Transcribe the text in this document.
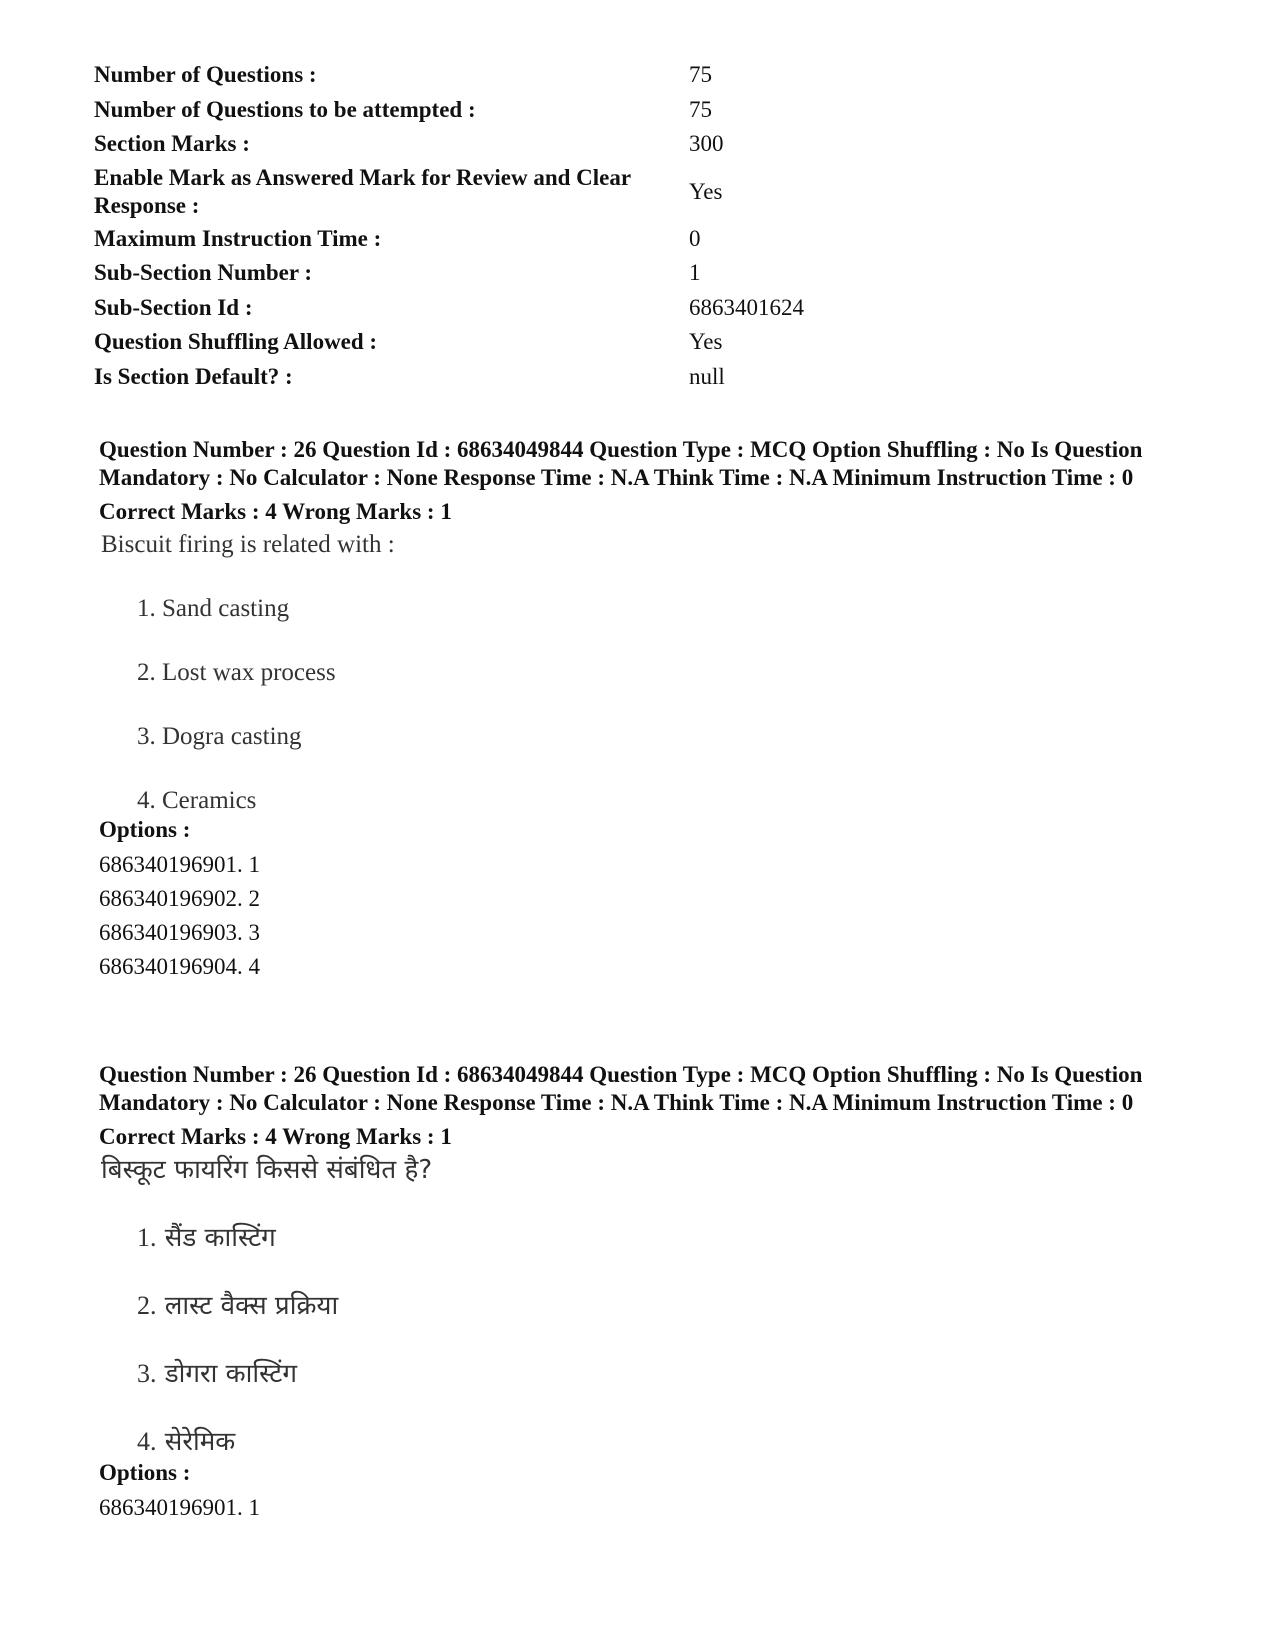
Number of Questions :	75
Number of Questions to be attempted :	75
Section Marks :	300
Enable Mark as Answered Mark for Review and Clear Response :	Yes
Maximum Instruction Time :	0
Sub-Section Number :	1
Sub-Section Id :	6863401624
Question Shuffling Allowed :	Yes
Is Section Default? :	null

Question Number : 26 Question Id : 68634049844 Question Type : MCQ Option Shuffling : No Is Question Mandatory : No Calculator : None Response Time : N.A Think Time : N.A Minimum Instruction Time : 0

Correct Marks : 4 Wrong Marks : 1
Biscuit firing is related with :
1. Sand casting
2. Lost wax process
3. Dogra casting
4. Ceramics
Options :
686340196901. 1
686340196902. 2
686340196903. 3
686340196904. 4

Question Number : 26 Question Id : 68634049844 Question Type : MCQ Option Shuffling : No Is Question Mandatory : No Calculator : None Response Time : N.A Think Time : N.A Minimum Instruction Time : 0

Correct Marks : 4 Wrong Marks : 1
बिस्कूट फायरिंग किससे संबंधित है?
1. सैंड कास्टिंग
2. लास्ट वैक्स प्रक्रिया
3. डोगरा कास्टिंग
4. सेरेमिक
Options :
686340196901. 1
